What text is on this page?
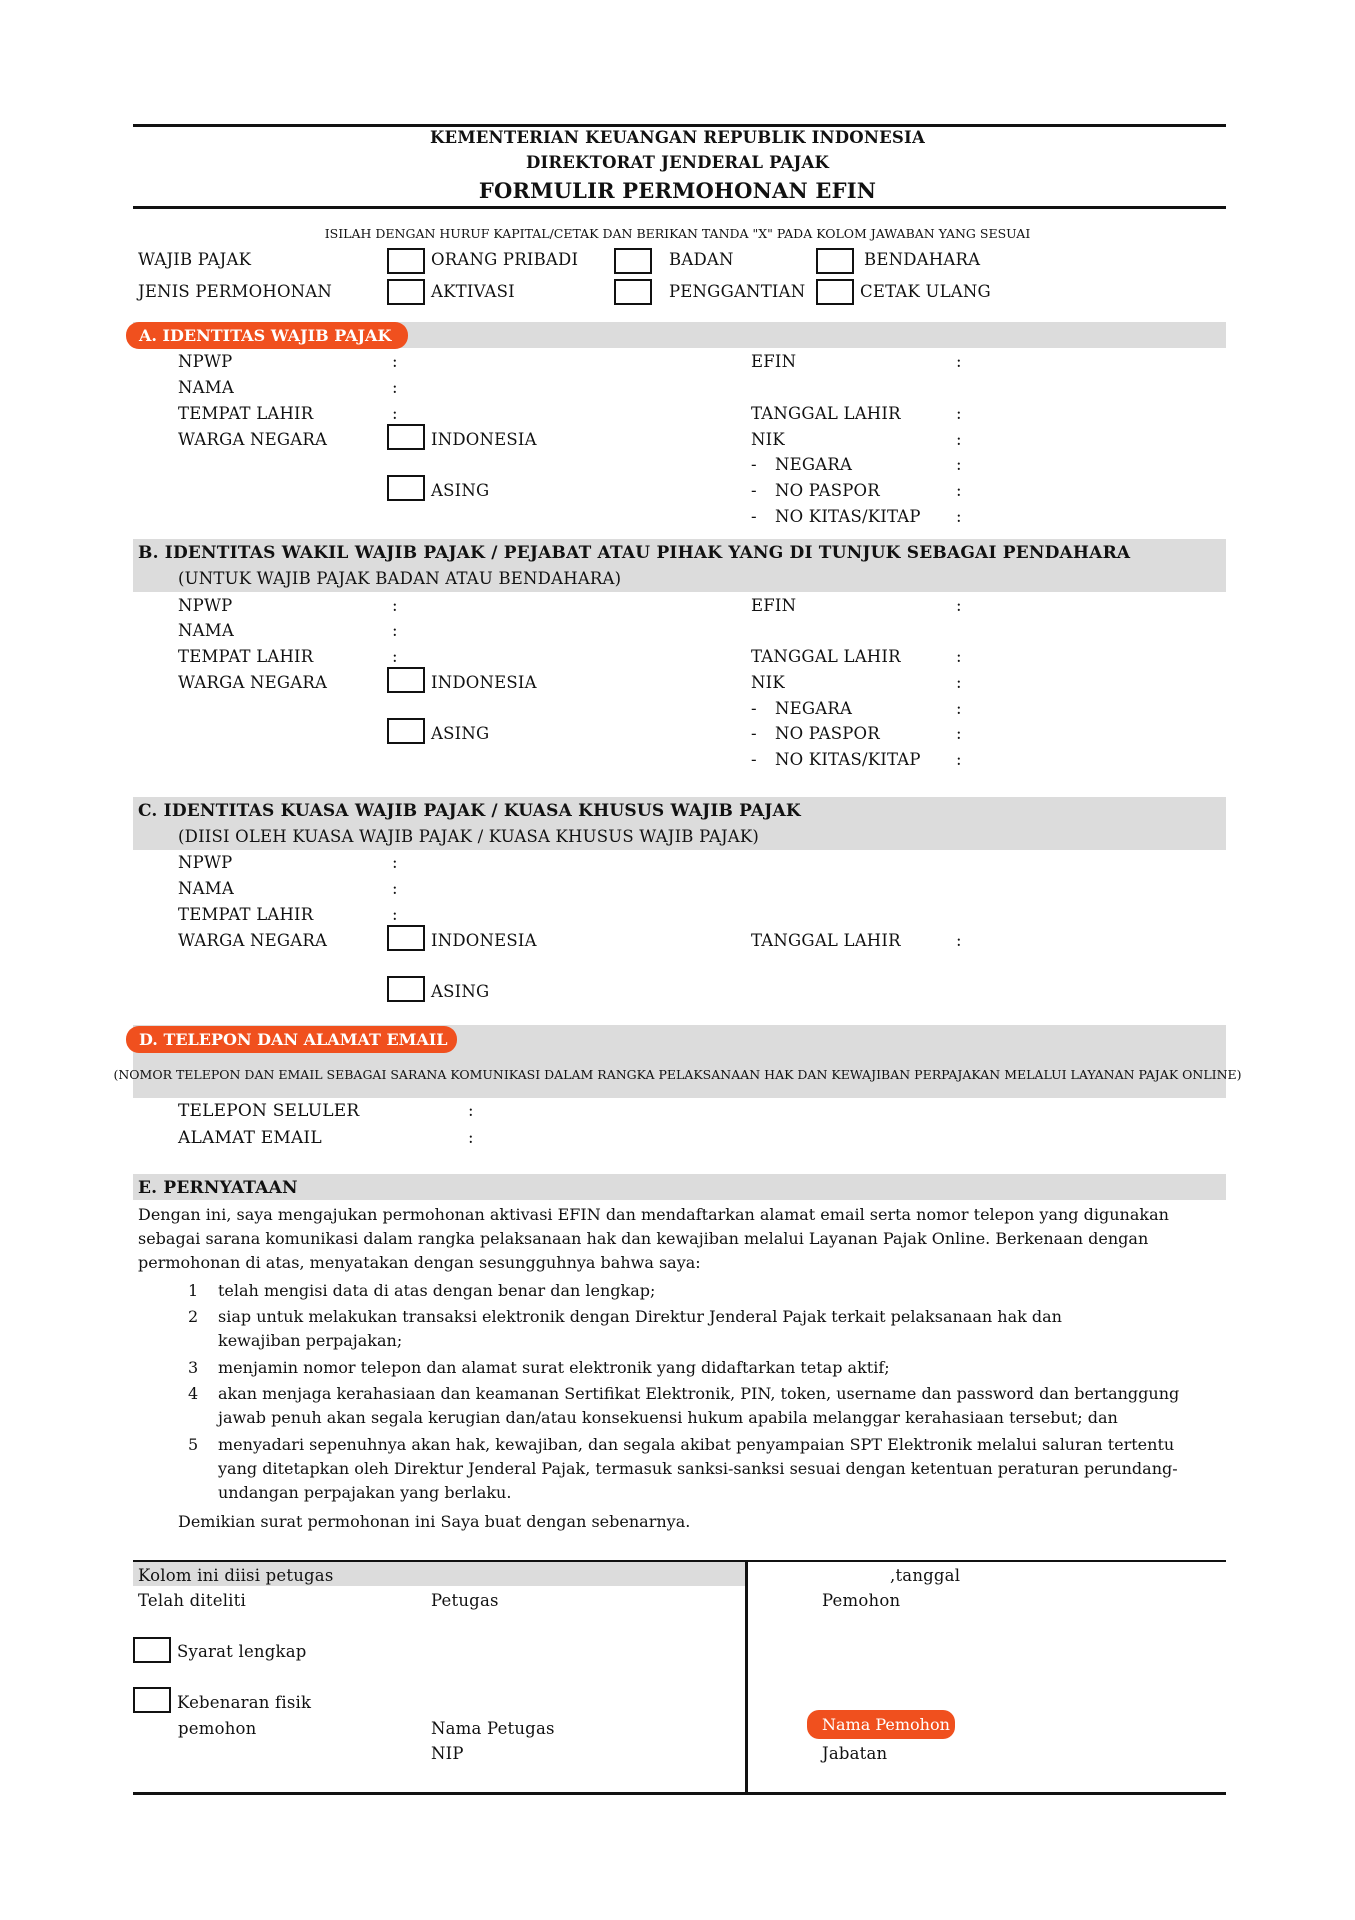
KEMENTERIAN KEUANGAN REPUBLIK INDONESIA
DIREKTORAT JENDERAL PAJAK
FORMULIR PERMOHONAN EFIN
ISILAH DENGAN HURUF KAPITAL/CETAK DAN BERIKAN TANDA "X" PADA KOLOM JAWABAN YANG SESUAI
WAJIB PAJAK	ORANG PRIBADI	BADAN	BENDAHARA
JENIS PERMOHONAN	AKTIVASI	PENGGANTIAN	CETAK ULANG
A. IDENTITAS WAJIB PAJAK
NPWP	:	EFIN	:
NAMA	:
TEMPAT LAHIR	:	TANGGAL LAHIR	:
WARGA NEGARA	INDONESIA	NIK	:
- NEGARA	:
ASING	- NO PASPOR	:
- NO KITAS/KITAP :
B. IDENTITAS WAKIL WAJIB PAJAK / PEJABAT ATAU PIHAK YANG DI TUNJUK SEBAGAI PENDAHARA
(UNTUK WAJIB PAJAK BADAN ATAU BENDAHARA)
NPWP	:	EFIN	:
NAMA	:
TEMPAT LAHIR	:	TANGGAL LAHIR	:
WARGA NEGARA	INDONESIA	NIK	:
- NEGARA	:
ASING	- NO PASPOR	:
- NO KITAS/KITAP :
C. IDENTITAS KUASA WAJIB PAJAK / KUASA KHUSUS WAJIB PAJAK
(DIISI OLEH KUASA WAJIB PAJAK / KUASA KHUSUS WAJIB PAJAK)
NPWP	:
NAMA	:
TEMPAT LAHIR	:
WARGA NEGARA	INDONESIA	TANGGAL LAHIR	:
ASING
D. TELEPON DAN ALAMAT EMAIL
(NOMOR TELEPON DAN EMAIL SEBAGAI SARANA KOMUNIKASI DALAM RANGKA PELAKSANAAN HAK DAN KEWAJIBAN PERPAJAKAN MELALUI LAYANAN PAJAK ONLINE)
TELEPON SELULER	:
ALAMAT EMAIL	:
E. PERNYATAAN
Dengan ini, saya mengajukan permohonan aktivasi EFIN dan mendaftarkan alamat email serta nomor telepon yang digunakan sebagai sarana komunikasi dalam rangka pelaksanaan hak dan kewajiban melalui Layanan Pajak Online. Berkenaan dengan permohonan di atas, menyatakan dengan sesungguhnya bahwa saya:
1 telah mengisi data di atas dengan benar dan lengkap;
2 siap untuk melakukan transaksi elektronik dengan Direktur Jenderal Pajak terkait pelaksanaan hak dan kewajiban perpajakan;
3 menjamin nomor telepon dan alamat surat elektronik yang didaftarkan tetap aktif;
4 akan menjaga kerahasiaan dan keamanan Sertifikat Elektronik, PIN, token, username dan password dan bertanggung jawab penuh akan segala kerugian dan/atau konsekuensi hukum apabila melanggar kerahasiaan tersebut; dan
5 menyadari sepenuhnya akan hak, kewajiban, dan segala akibat penyampaian SPT Elektronik melalui saluran tertentu yang ditetapkan oleh Direktur Jenderal Pajak, termasuk sanksi-sanksi sesuai dengan ketentuan peraturan perundang-undangan perpajakan yang berlaku.
Demikian surat permohonan ini Saya buat dengan sebenarnya.
Kolom ini diisi petugas
Telah diteliti	Petugas
Syarat lengkap
Kebenaran fisik
pemohon	Nama Petugas
NIP
,tanggal
Pemohon
Nama Pemohon
Jabatan
